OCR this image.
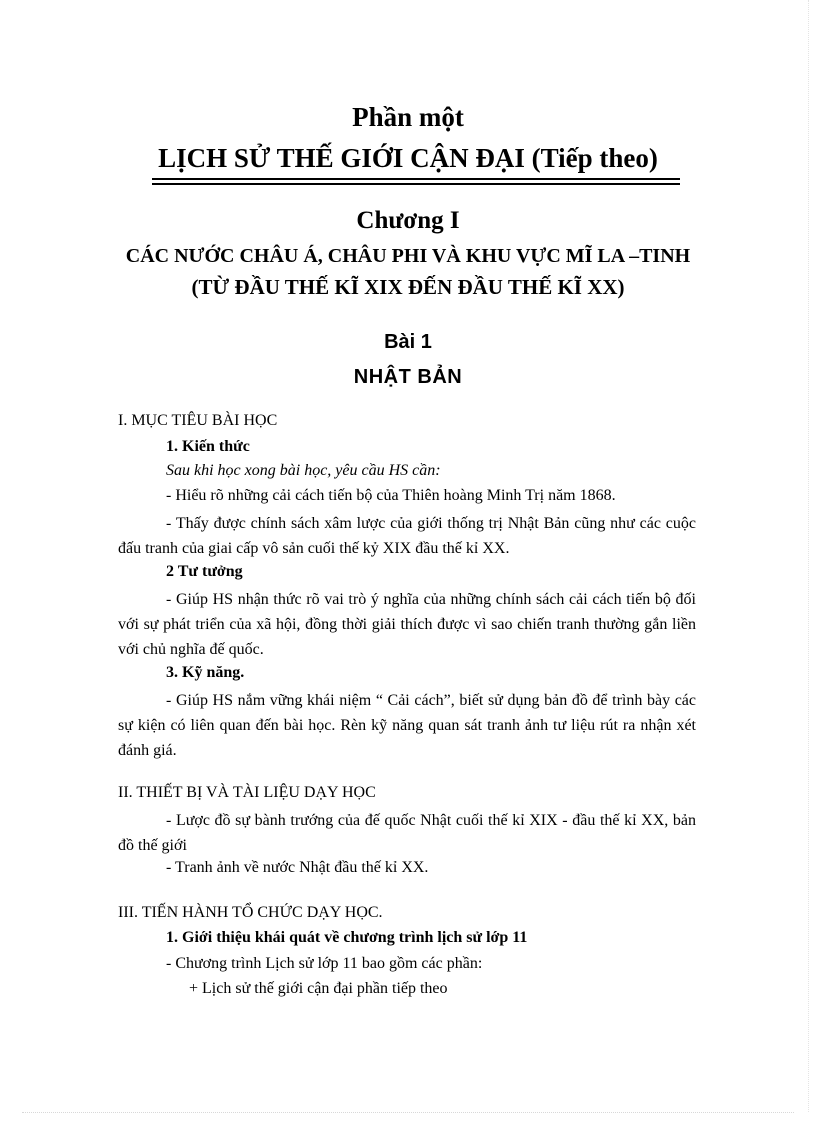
Phần một
LỊCH SỬ THẾ GIỚI CẬN ĐẠI (Tiếp theo)
Chương I
CÁC NƯỚC CHÂU Á, CHÂU PHI VÀ KHU VỰC MĨ LA –TINH
(TỪ ĐẦU THẾ KĨ XIX ĐẾN ĐẦU THẾ KĨ XX)
Bài 1
NHẬT BẢN
I. MỤC TIÊU BÀI HỌC
1. Kiến thức
Sau khi học xong bài học, yêu cầu HS cần:
- Hiểu rõ những cải cách tiến bộ của Thiên hoàng Minh Trị năm 1868.
- Thấy được chính sách xâm lược của giới thống trị Nhật Bản cũng như các cuộc đấu tranh của giai cấp vô sản cuối thế kỷ XIX đầu thế kỉ XX.
2 Tư tưởng
- Giúp HS nhận thức rõ vai trò ý nghĩa của những chính sách cải cách tiến bộ đối với sự phát triển của xã hội, đồng thời giải thích được vì sao chiến tranh thường gắn liền với chủ nghĩa đế quốc.
3. Kỹ năng.
- Giúp HS nắm vững khái niệm “ Cải cách”, biết sử dụng bản đồ để trình bày các sự kiện có liên quan đến bài học. Rèn kỹ năng quan sát tranh ảnh tư liệu rút ra nhận xét đánh giá.
II. THIẾT BỊ VÀ TÀI LIỆU DẠY HỌC
- Lược đồ sự bành trướng của đế quốc Nhật cuối thế kỉ XIX - đầu thế kỉ XX, bản đồ thế giới
- Tranh ảnh về nước Nhật đầu thế kỉ XX.
III. TIẾN HÀNH TỔ CHỨC DẠY HỌC.
1. Giới thiệu khái quát về chương trình lịch sử lớp 11
- Chương trình Lịch sử lớp 11 bao gồm các phần:
+ Lịch sử thế giới cận đại phần tiếp theo
